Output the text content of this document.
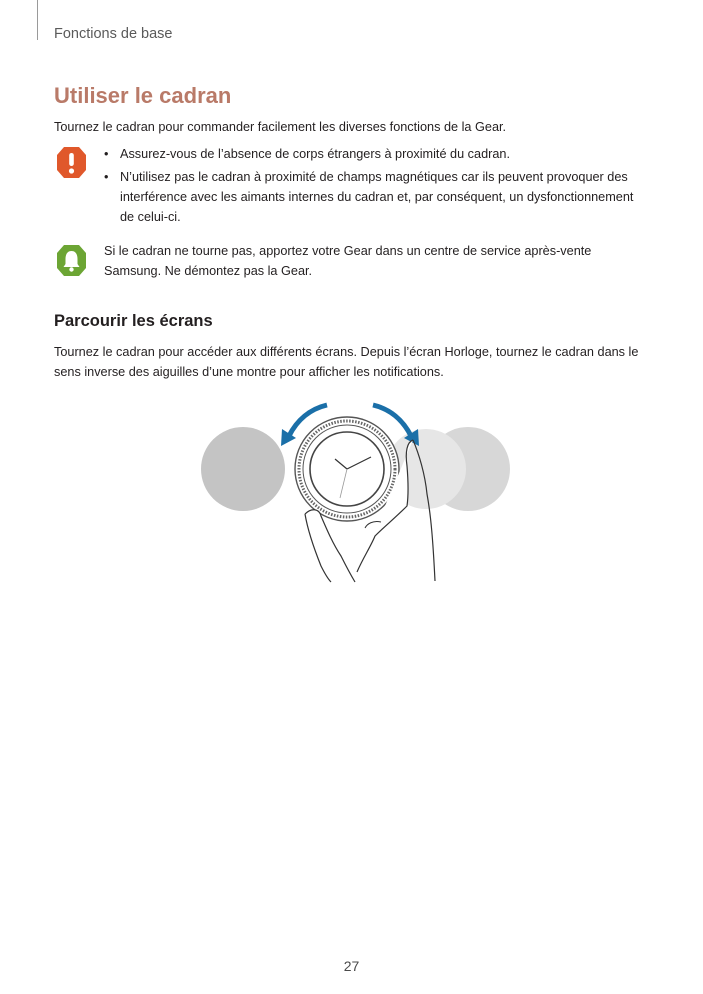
Fonctions de base
Utiliser le cadran
Tournez le cadran pour commander facilement les diverses fonctions de la Gear.
• Assurez-vous de l’absence de corps étrangers à proximité du cadran.
• N’utilisez pas le cadran à proximité de champs magnétiques car ils peuvent provoquer des interférence avec les aimants internes du cadran et, par conséquent, un dysfonctionnement de celui-ci.
Si le cadran ne tourne pas, apportez votre Gear dans un centre de service après-vente Samsung. Ne démontez pas la Gear.
Parcourir les écrans
Tournez le cadran pour accéder aux différents écrans. Depuis l’écran Horloge, tournez le cadran dans le sens inverse des aiguilles d’une montre pour afficher les notifications.
27
